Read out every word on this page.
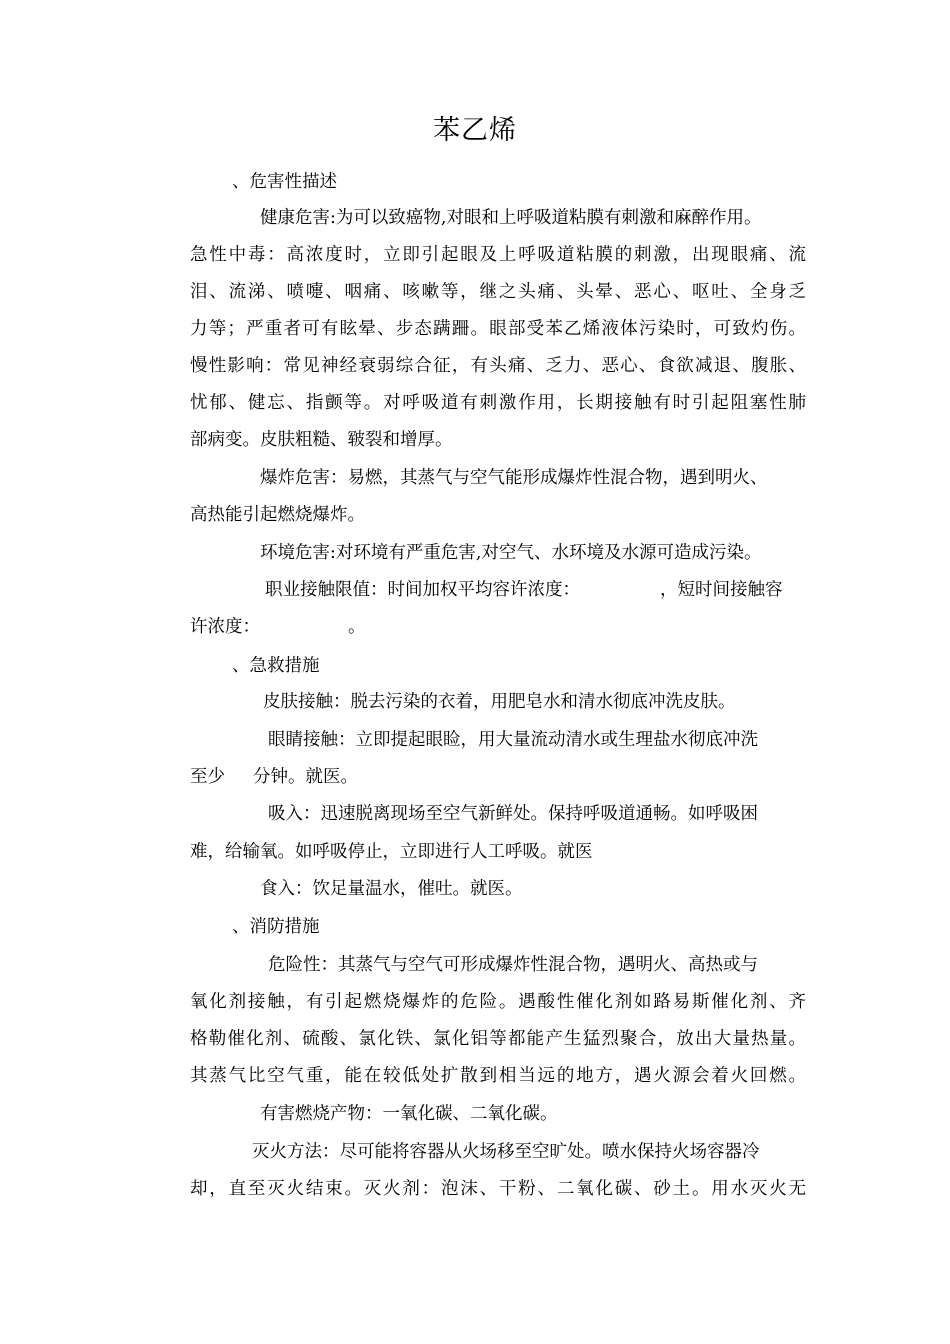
苯乙烯
、危害性描述
健康危害:为可以致癌物,对眼和上呼吸道粘膜有刺激和麻醉作用。
急性中毒：高浓度时，立即引起眼及上呼吸道粘膜的刺激，出现眼痛、流
泪、流涕、喷嚏、咽痛、咳嗽等，继之头痛、头晕、恶心、呕吐、全身乏
力等；严重者可有眩晕、步态蹒跚。眼部受苯乙烯液体污染时，可致灼伤。
慢性影响：常见神经衰弱综合征，有头痛、乏力、恶心、食欲减退、腹胀、
忧郁、健忘、指颤等。对呼吸道有刺激作用，长期接触有时引起阻塞性肺
部病变。皮肤粗糙、皲裂和增厚。
爆炸危害：易燃，其蒸气与空气能形成爆炸性混合物，遇到明火、
高热能引起燃烧爆炸。
环境危害:对环境有严重危害,对空气、水环境及水源可造成污染。
职业接触限值：时间加权平均容许浓度：	，短时间接触容
许浓度：	。
、急救措施
皮肤接触：脱去污染的衣着，用肥皂水和清水彻底冲洗皮肤。
眼睛接触：立即提起眼睑，用大量流动清水或生理盐水彻底冲洗
至少 分钟。就医。
吸入：迅速脱离现场至空气新鲜处。保持呼吸道通畅。如呼吸困
难，给输氧。如呼吸停止，立即进行人工呼吸。就医
食入：饮足量温水，催吐。就医。
、消防措施
危险性：其蒸气与空气可形成爆炸性混合物，遇明火、高热或与
氧化剂接触，有引起燃烧爆炸的危险。遇酸性催化剂如路易斯催化剂、齐
格勒催化剂、硫酸、氯化铁、氯化铝等都能产生猛烈聚合，放出大量热量。
其蒸气比空气重，能在较低处扩散到相当远的地方，遇火源会着火回燃。
有害燃烧产物：一氧化碳、二氧化碳。
灭火方法：尽可能将容器从火场移至空旷处。喷水保持火场容器冷
却，直至灭火结束。灭火剂：泡沫、干粉、二氧化碳、砂土。用水灭火无
